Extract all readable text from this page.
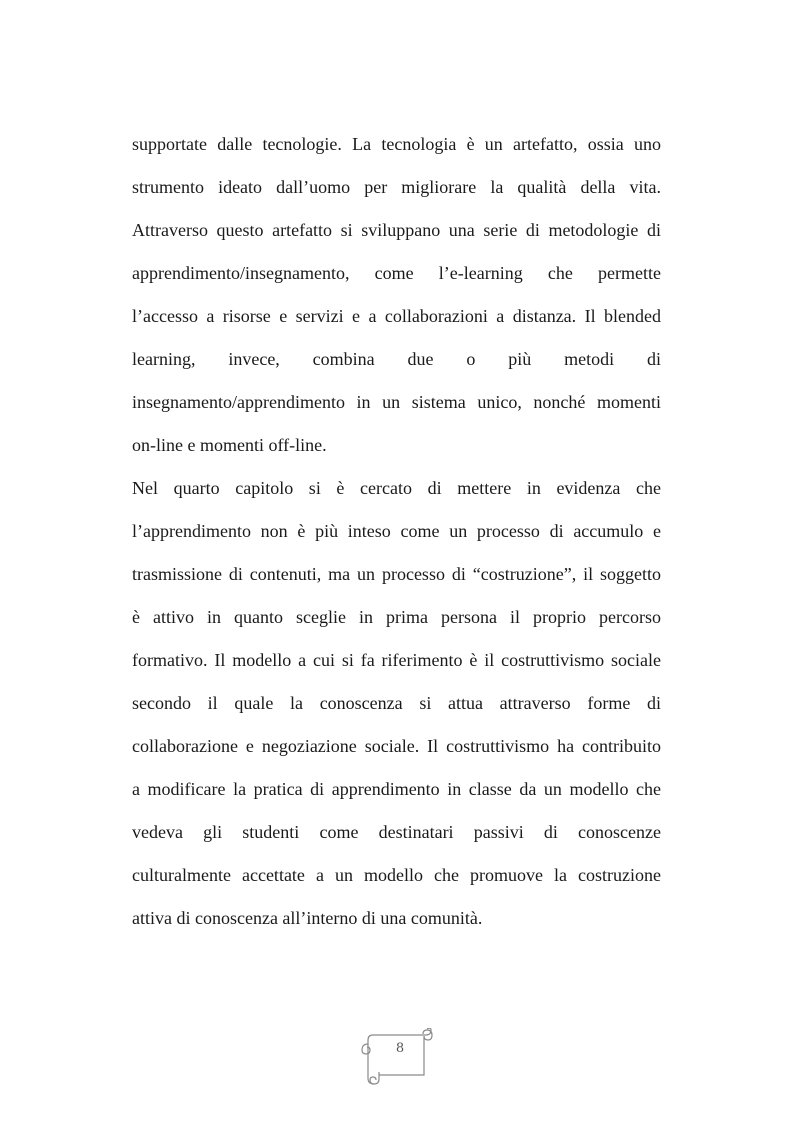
supportate dalle tecnologie. La tecnologia è un artefatto, ossia uno
strumento ideato dall’uomo per migliorare la qualità della vita.
Attraverso questo artefatto si sviluppano una serie di metodologie di
apprendimento/insegnamento, come l’e-learning che permette
l’accesso a risorse e servizi e a collaborazioni a distanza. Il blended
learning, invece, combina due o più metodi di
insegnamento/apprendimento in un sistema unico, nonché momenti
on-line e momenti off-line.
Nel quarto capitolo si è cercato di mettere in evidenza che
l’apprendimento non è più inteso come un processo di accumulo e
trasmissione di contenuti, ma un processo di “costruzione”, il soggetto
è attivo in quanto sceglie in prima persona il proprio percorso
formativo. Il modello a cui si fa riferimento è il costruttivismo sociale
secondo il quale la conoscenza si attua attraverso forme di
collaborazione e negoziazione sociale. Il costruttivismo ha contribuito
a modificare la pratica di apprendimento in classe da un modello che
vedeva gli studenti come destinatari passivi di conoscenze
culturalmente accettate a un modello che promuove la costruzione
attiva di conoscenza all’interno di una comunità.
8
